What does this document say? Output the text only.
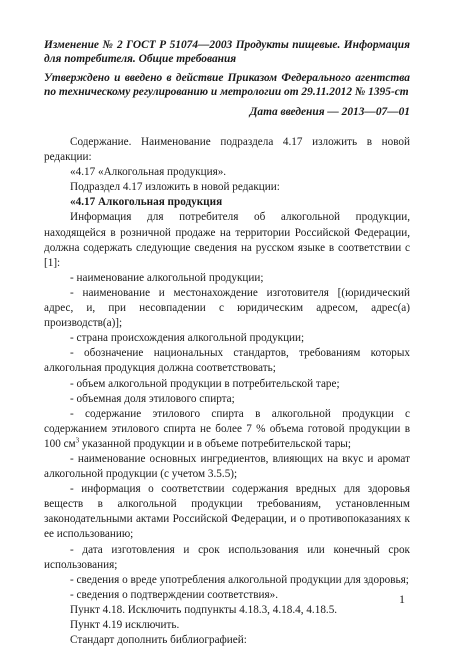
Изменение № 2 ГОСТ Р 51074—2003 Продукты пищевые. Информация для потребителя. Общие требования

Утверждено и введено в действие Приказом Федерального агентства по техническому регулированию и метрологии от 29.11.2012 № 1395-ст

Дата введения — 2013—07—01

Содержание. Наименование подраздела 4.17 изложить в новой редакции:

«4.17 «Алкогольная продукция».

Подраздел 4.17 изложить в новой редакции:

«4.17 Алкогольная продукция

Информация для потребителя об алкогольной продукции, находящейся в розничной продаже на территории Российской Федерации, должна содержать следующие сведения на русском языке в соответствии с [1]:

- наименование алкогольной продукции;

- наименование и местонахождение изготовителя [(юридический адрес, и, при несовпадении с юридическим адресом, адрес(а) производств(а)];

- страна происхождения алкогольной продукции;

- обозначение национальных стандартов, требованиям которых алкогольная продукция должна соответствовать;

- объем алкогольной продукции в потребительской таре;

- объемная доля этилового спирта;

- содержание этилового спирта в алкогольной продукции с содержанием этилового спирта не более 7 % объема готовой продукции в 100 $см^3$ указанной продукции и в объеме потребительской тары;

- наименование основных ингредиентов, влияющих на вкус и аромат алкогольной продукции (с учетом 3.5.5);

- информация о соответствии содержания вредных для здоровья веществ в алкогольной продукции требованиям, установленным законодательными актами Российской Федерации, и о противопоказаниях к ее использованию;

- дата изготовления и срок использования или конечный срок использования;

- сведения о вреде употребления алкогольной продукции для здоровья;

- сведения о подтверждении соответствия».

Пункт 4.18. Исключить подпункты 4.18.3, 4.18.4, 4.18.5.

Пункт 4.19 исключить.

Стандарт дополнить библиографией:

1
